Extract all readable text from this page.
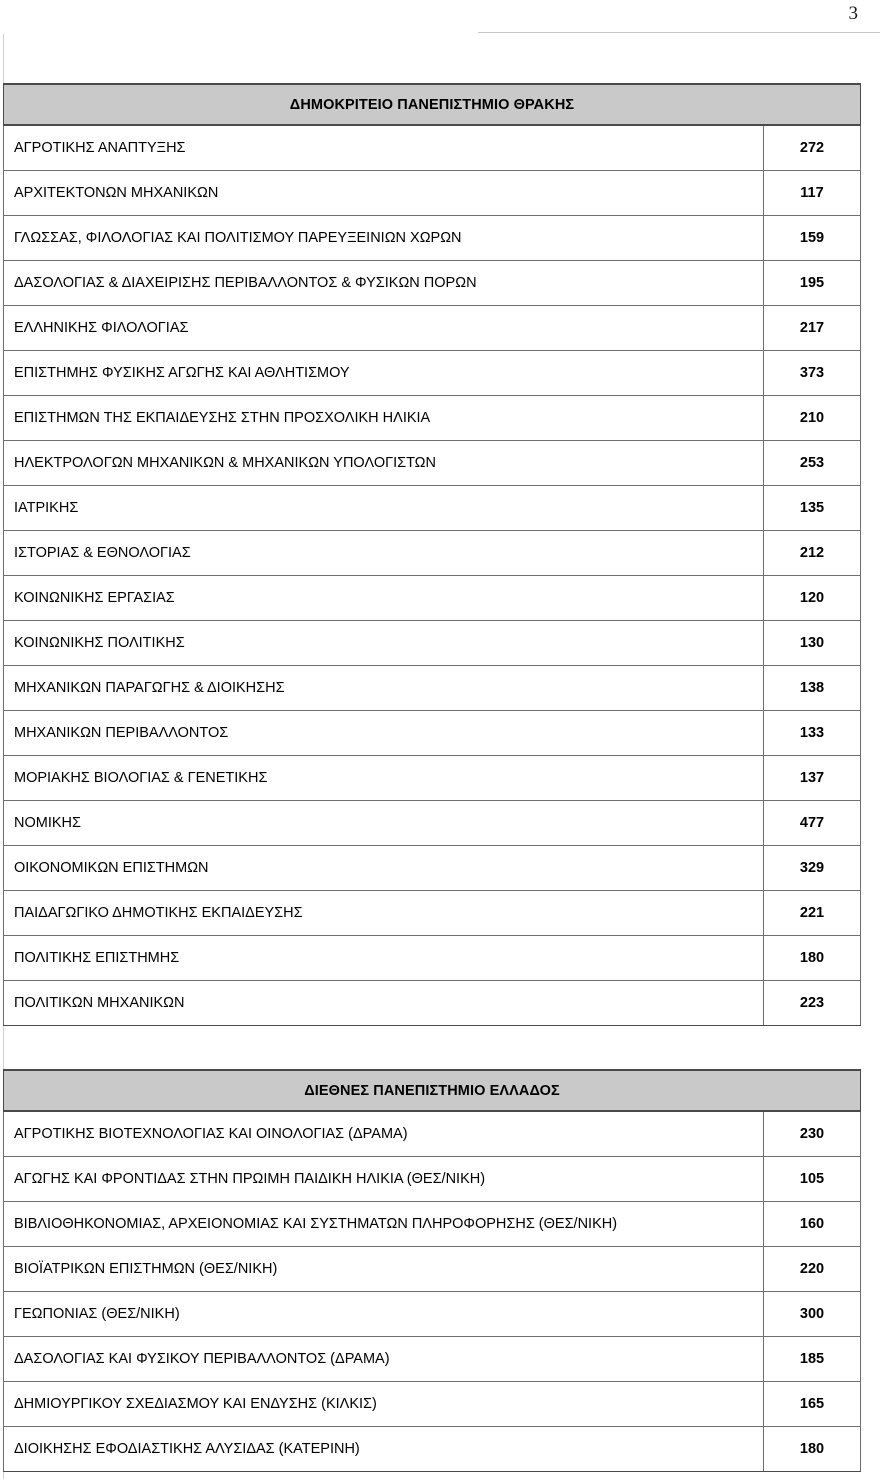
3
ΔΗΜΟΚΡΙΤΕΙΟ ΠΑΝΕΠΙΣΤΗΜΙΟ ΘΡΑΚΗΣ	
ΑΓΡΟΤΙΚΗΣ ΑΝΑΠΤΥΞΗΣ	272
ΑΡΧΙΤΕΚΤΟΝΩΝ ΜΗΧΑΝΙΚΩΝ	117
ΓΛΩΣΣΑΣ, ΦΙΛΟΛΟΓΙΑΣ ΚΑΙ ΠΟΛΙΤΙΣΜΟΥ ΠΑΡΕΥΞΕΙΝΙΩΝ ΧΩΡΩΝ	159
ΔΑΣΟΛΟΓΙΑΣ & ΔΙΑΧΕΙΡΙΣΗΣ ΠΕΡΙΒΑΛΛΟΝΤΟΣ & ΦΥΣΙΚΩΝ ΠΟΡΩΝ	195
ΕΛΛΗΝΙΚΗΣ ΦΙΛΟΛΟΓΙΑΣ	217
ΕΠΙΣΤΗΜΗΣ ΦΥΣΙΚΗΣ ΑΓΩΓΗΣ ΚΑΙ ΑΘΛΗΤΙΣΜΟΥ	373
ΕΠΙΣΤΗΜΩΝ ΤΗΣ ΕΚΠΑΙΔΕΥΣΗΣ ΣΤΗΝ ΠΡΟΣΧΟΛΙΚΗ ΗΛΙΚΙΑ	210
ΗΛΕΚΤΡΟΛΟΓΩΝ ΜΗΧΑΝΙΚΩΝ & ΜΗΧΑΝΙΚΩΝ ΥΠΟΛΟΓΙΣΤΩΝ	253
ΙΑΤΡΙΚΗΣ	135
ΙΣΤΟΡΙΑΣ & ΕΘΝΟΛΟΓΙΑΣ	212
ΚΟΙΝΩΝΙΚΗΣ ΕΡΓΑΣΙΑΣ	120
ΚΟΙΝΩΝΙΚΗΣ ΠΟΛΙΤΙΚΗΣ	130
ΜΗΧΑΝΙΚΩΝ ΠΑΡΑΓΩΓΗΣ & ΔΙΟΙΚΗΣΗΣ	138
ΜΗΧΑΝΙΚΩΝ ΠΕΡΙΒΑΛΛΟΝΤΟΣ	133
ΜΟΡΙΑΚΗΣ ΒΙΟΛΟΓΙΑΣ & ΓΕΝΕΤΙΚΗΣ	137
ΝΟΜΙΚΗΣ	477
ΟΙΚΟΝΟΜΙΚΩΝ ΕΠΙΣΤΗΜΩΝ	329
ΠΑΙΔΑΓΩΓΙΚΟ ΔΗΜΟΤΙΚΗΣ ΕΚΠΑΙΔΕΥΣΗΣ	221
ΠΟΛΙΤΙΚΗΣ ΕΠΙΣΤΗΜΗΣ	180
ΠΟΛΙΤΙΚΩΝ ΜΗΧΑΝΙΚΩΝ	223
ΔΙΕΘΝΕΣ ΠΑΝΕΠΙΣΤΗΜΙΟ ΕΛΛΑΔΟΣ	
ΑΓΡΟΤΙΚΗΣ ΒΙΟΤΕΧΝΟΛΟΓΙΑΣ ΚΑΙ ΟΙΝΟΛΟΓΙΑΣ (ΔΡΑΜΑ)	230
ΑΓΩΓΗΣ ΚΑΙ ΦΡΟΝΤΙΔΑΣ ΣΤΗΝ ΠΡΩΙΜΗ ΠΑΙΔΙΚΗ ΗΛΙΚΙΑ (ΘΕΣ/ΝΙΚΗ)	105
ΒΙΒΛΙΟΘΗΚΟΝΟΜΙΑΣ, ΑΡΧΕΙΟΝΟΜΙΑΣ ΚΑΙ ΣΥΣΤΗΜΑΤΩΝ ΠΛΗΡΟΦΟΡΗΣΗΣ (ΘΕΣ/ΝΙΚΗ)	160
ΒΙΟΪΑΤΡΙΚΩΝ ΕΠΙΣΤΗΜΩΝ (ΘΕΣ/ΝΙΚΗ)	220
ΓΕΩΠΟΝΙΑΣ (ΘΕΣ/ΝΙΚΗ)	300
ΔΑΣΟΛΟΓΙΑΣ ΚΑΙ ΦΥΣΙΚΟΥ ΠΕΡΙΒΑΛΛΟΝΤΟΣ (ΔΡΑΜΑ)	185
ΔΗΜΙΟΥΡΓΙΚΟΥ ΣΧΕΔΙΑΣΜΟΥ ΚΑΙ ΕΝΔΥΣΗΣ (ΚΙΛΚΙΣ)	165
ΔΙΟΙΚΗΣΗΣ ΕΦΟΔΙΑΣΤΙΚΗΣ ΑΛΥΣΙΔΑΣ (ΚΑΤΕΡΙΝΗ)	180
